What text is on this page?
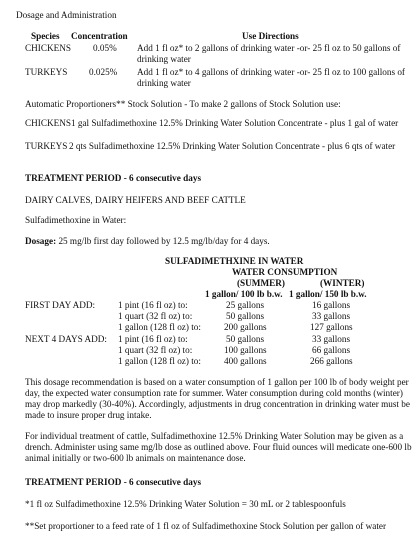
Dosage and Administration
Species Concentration	Use Directions
CHICKENS 0.05% Add 1 fl oz* to 2 gallons of drinking water -or- 25 fl oz to 50 gallons of drinking water
TURKEYS 0.025% Add 1 fl oz* to 4 gallons of drinking water -or- 25 fl oz to 100 gallons of drinking water
Automatic Proportioners** Stock Solution - To make 2 gallons of Stock Solution use:
CHICKENS 1 gal Sulfadimethoxine 12.5% Drinking Water Solution Concentrate - plus 1 gal of water
TURKEYS 2 qts Sulfadimethoxine 12.5% Drinking Water Solution Concentrate - plus 6 qts of water
TREATMENT PERIOD - 6 consecutive days
DAIRY CALVES, DAIRY HEIFERS AND BEEF CATTLE
Sulfadimethoxine in Water:
Dosage: 25 mg/lb first day followed by 12.5 mg/lb/day for 4 days.
SULFADIMETHXINE IN WATER
WATER CONSUMPTION
(SUMMER)	(WINTER)
1 gallon/ 100 lb b.w. 1 gallon/ 150 lb b.w.
FIRST DAY ADD: 1 pint (16 fl oz) to:	25 gallons	16 gallons
1 quart (32 fl oz) to:	50 gallons	33 gallons
1 gallon (128 fl oz) to:	200 gallons	127 gallons
NEXT 4 DAYS ADD: 1 pint (16 fl oz) to:	50 gallons	33 gallons
1 quart (32 fl oz) to:	100 gallons	66 gallons
1 gallon (128 fl oz) to:	400 gallons	266 gallons
This dosage recommendation is based on a water consumption of 1 gallon per 100 lb of body weight per day, the expected water consumption rate for summer. Water consumption during cold months (winter) may drop markedly (30-40%). Accordingly, adjustments in drug concentration in drinking water must be made to insure proper drug intake.
For individual treatment of cattle, Sulfadimethoxine 12.5% Drinking Water Solution may be given as a drench. Administer using same mg/lb dose as outlined above. Four fluid ounces will medicate one-600 lb animal initially or two-600 lb animals on maintenance dose.
TREATMENT PERIOD - 6 consecutive days
*1 fl oz Sulfadimethoxine 12.5% Drinking Water Solution = 30 mL or 2 tablespoonfuls
**Set proportioner to a feed rate of 1 fl oz of Sulfadimethoxine Stock Solution per gallon of water
